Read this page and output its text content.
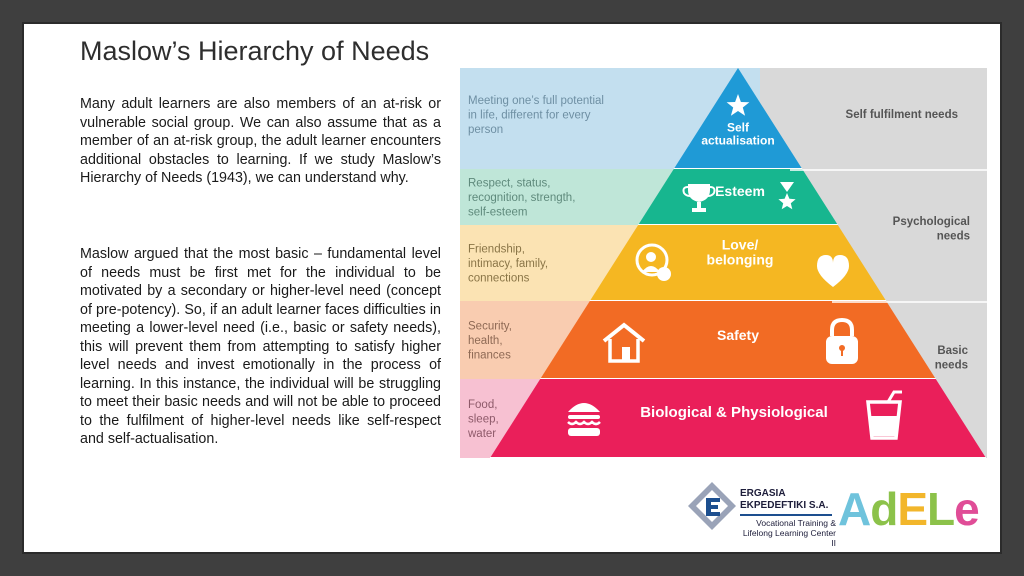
Maslow’s Hierarchy of Needs
Many adult learners are also members of an at-risk or vulnerable social group. We can also assume that as a member of an at-risk group, the adult learner encounters additional obstacles to learning. If we study Maslow’s Hierarchy of Needs (1943), we can understand why.
Maslow argued that the most basic – fundamental level of needs must be first met for the individual to be motivated by a secondary or higher-level need (concept of pre-potency). So, if an adult learner faces difficulties in meeting a lower-level need (i.e., basic or safety needs), this will prevent them from attempting to satisfy higher level needs and invest emotionally in the process of learning. In this instance, the individual will be struggling to meet their basic needs and will not be able to proceed to the fulfilment of higher-level needs like self-respect and self-actualisation.
Meeting one’s full potential in life, different for every person
Respect, status, recognition, strength, self-esteem
Friendship, intimacy, family, connections
Security, health, finances
Food, sleep, water
Self actualisation
Esteem
Love/ belonging
Safety
Biological & Physiological
Self fulfilment needs
Psychological needs
Basic needs
ERGASIA
EKPEDEFTIKI S.A.
Vocational Training &
Lifelong Learning Center II
AdELe
